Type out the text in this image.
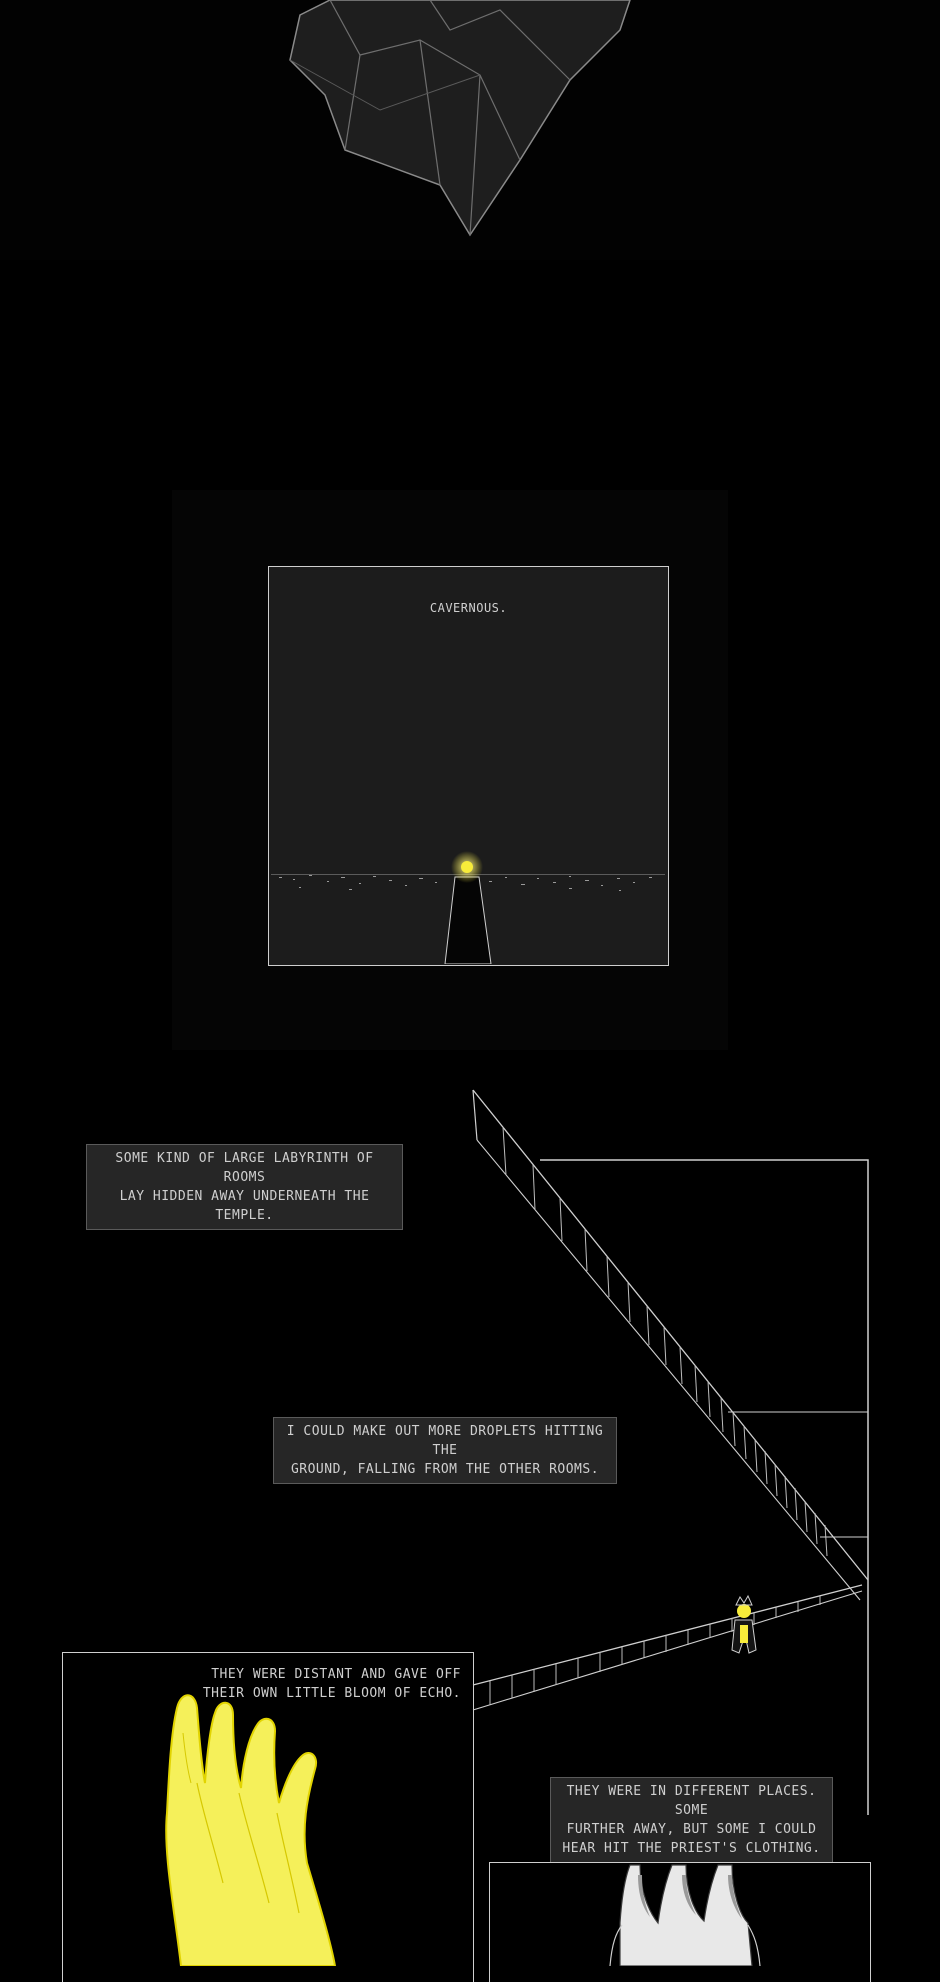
CAVERNOUS.
SOME KIND OF LARGE LABYRINTH OF ROOMS
LAY HIDDEN AWAY UNDERNEATH THE TEMPLE.
I COULD MAKE OUT MORE DROPLETS HITTING THE
GROUND, FALLING FROM THE OTHER ROOMS.
THEY WERE DISTANT AND GAVE OFF
THEIR OWN LITTLE BLOOM OF ECHO.
THEY WERE IN DIFFERENT PLACES. SOME
FURTHER AWAY, BUT SOME I COULD
HEAR HIT THE PRIEST'S CLOTHING.
